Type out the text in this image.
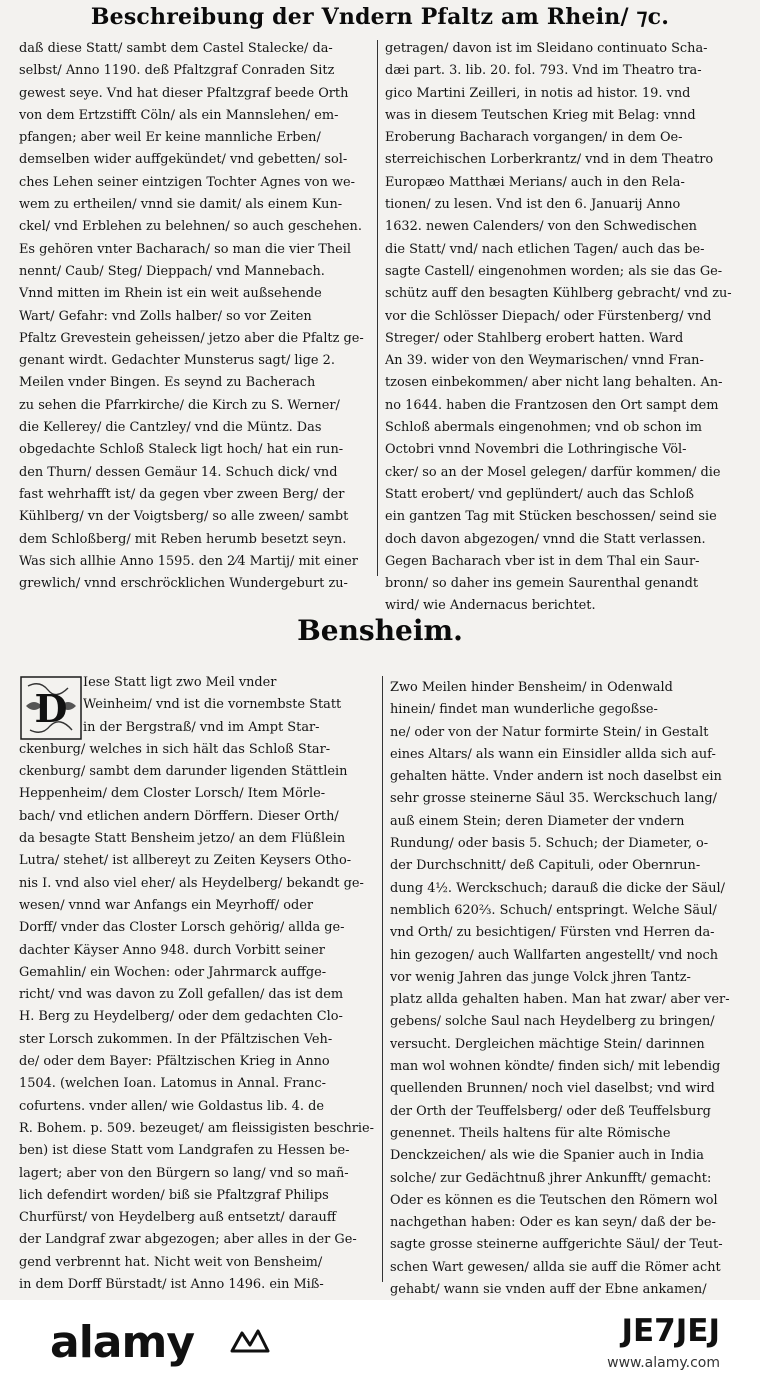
Beschreibung der Vndern Pfaltz am Rhein/ ⁊c.
daß diese Statt/ sambt dem Castel Stalecke/ da-
selbst/ Anno 1190. deß Pfaltzgraf Conraden Sitz
gewest seye. Vnd hat dieser Pfaltzgraf beede Orth
von dem Ertzstifft Cöln/ als ein Mannslehen/ em-
pfangen; aber weil Er keine mannliche Erben/
demselben wider auffgekündet/ vnd gebetten/ sol-
ches Lehen seiner eintzigen Tochter Agnes von we-
wem zu ertheilen/ vnnd sie damit/ als einem Kun-
ckel/ vnd Erblehen zu belehnen/ so auch geschehen.
Es gehören vnter Bacharach/ so man die vier Theil
nennt/ Caub/ Steg/ Dieppach/ vnd Mannebach.
Vnnd mitten im Rhein ist ein weit außsehende
Wart/ Gefahr: vnd Zolls halber/ so vor Zeiten
Pfaltz Grevestein geheissen/ jetzo aber die Pfaltz ge-
genant wirdt. Gedachter Munsterus sagt/ lige 2.
Meilen vnder Bingen. Es seynd zu Bacherach
zu sehen die Pfarrkirche/ die Kirch zu S. Werner/
die Kellerey/ die Cantzley/ vnd die Müntz. Das
obgedachte Schloß Staleck ligt hoch/ hat ein run-
den Thurn/ dessen Gemäur 14. Schuch dick/ vnd
fast wehrhafft ist/ da gegen vber zween Berg/ der
Kühlberg/ vn der Voigtsberg/ so alle zween/ sambt
dem Schloßberg/ mit Reben herumb besetzt seyn.
Was sich allhie Anno 1595. den 2⁄4 Martij/ mit einer
grewlich/ vnnd erschröcklichen Wundergeburt zu-
getragen/ davon ist im Sleidano continuato Scha-
dæi part. 3. lib. 20. fol. 793. Vnd im Theatro tra-
gico Martini Zeilleri, in notis ad histor. 19. vnd
was in diesem Teutschen Krieg mit Belag: vnnd
Eroberung Bacharach vorgangen/ in dem Oe-
sterreichischen Lorberkrantz/ vnd in dem Theatro
Europæo Matthæi Merians/ auch in den Rela-
tionen/ zu lesen. Vnd ist den 6. Januarij Anno
1632. newen Calenders/ von den Schwedischen
die Statt/ vnd/ nach etlichen Tagen/ auch das be-
sagte Castell/ eingenohmen worden; als sie das Ge-
schütz auff den besagten Kühlberg gebracht/ vnd zu-
vor die Schlösser Diepach/ oder Fürstenberg/ vnd
Streger/ oder Stahlberg erobert hatten. Ward
An 39. wider von den Weymarischen/ vnnd Fran-
tzosen einbekommen/ aber nicht lang behalten. An-
no 1644. haben die Frantzosen den Ort sampt dem
Schloß abermals eingenohmen; vnd ob schon im
Octobri vnnd Novembri die Lothringische Völ-
cker/ so an der Mosel gelegen/ darfür kommen/ die
Statt erobert/ vnd geplündert/ auch das Schloß
ein gantzen Tag mit Stücken beschossen/ seind sie
doch davon abgezogen/ vnnd die Statt verlassen.
Gegen Bacharach vber ist in dem Thal ein Saur-
bronn/ so daher ins gemein Saurenthal genandt
wird/ wie Andernacus berichtet.
Bensheim.
D
Iese Statt ligt zwo Meil vnder
Weinheim/ vnd ist die vornembste Statt
in der Bergstraß/ vnd im Ampt Star-
ckenburg/ welches in sich hält das Schloß Star-
ckenburg/ sambt dem darunder ligenden Stättlein
Heppenheim/ dem Closter Lorsch/ Item Mörle-
bach/ vnd etlichen andern Dörffern. Dieser Orth/
da besagte Statt Bensheim jetzo/ an dem Flüßlein
Lutra/ stehet/ ist allbereyt zu Zeiten Keysers Otho-
nis I. vnd also viel eher/ als Heydelberg/ bekandt ge-
wesen/ vnnd war Anfangs ein Meyrhoff/ oder
Dorff/ vnder das Closter Lorsch gehörig/ allda ge-
dachter Käyser Anno 948. durch Vorbitt seiner
Gemahlin/ ein Wochen: oder Jahrmarck auffge-
richt/ vnd was davon zu Zoll gefallen/ das ist dem
H. Berg zu Heydelberg/ oder dem gedachten Clo-
ster Lorsch zukommen. In der Pfältzischen Veh-
de/ oder dem Bayer: Pfältzischen Krieg in Anno
1504. (welchen Ioan. Latomus in Annal. Franc-
cofurtens. vnder allen/ wie Goldastus lib. 4. de
R. Bohem. p. 509. bezeuget/ am fleissigisten beschrie-
ben) ist diese Statt vom Landgrafen zu Hessen be-
lagert; aber von den Bürgern so lang/ vnd so mañ-
lich defendirt worden/ biß sie Pfaltzgraf Philips
Churfürst/ von Heydelberg auß entsetzt/ darauff
der Landgraf zwar abgezogen; aber alles in der Ge-
gend verbrennt hat. Nicht weit von Bensheim/
in dem Dorff Bürstadt/ ist Anno 1496. ein Miß-
Zwo Meilen hinder Bensheim/ in Odenwald
hinein/ findet man wunderliche gegoßse-
ne/ oder von der Natur formirte Stein/ in Gestalt
eines Altars/ als wann ein Einsidler allda sich auf-
gehalten hätte. Vnder andern ist noch daselbst ein
sehr grosse steinerne Säul 35. Werckschuch lang/
auß einem Stein; deren Diameter der vndern
Rundung/ oder basis 5. Schuch; der Diameter, o-
der Durchschnitt/ deß Capituli, oder Obernrun-
dung 4½. Werckschuch; darauß die dicke der Säul/
nemblich 620⅔. Schuch/ entspringt. Welche Säul/
vnd Orth/ zu besichtigen/ Fürsten vnd Herren da-
hin gezogen/ auch Wallfarten angestellt/ vnd noch
vor wenig Jahren das junge Volck jhren Tantz-
platz allda gehalten haben. Man hat zwar/ aber ver-
gebens/ solche Saul nach Heydelberg zu bringen/
versucht. Dergleichen mächtige Stein/ darinnen
man wol wohnen köndte/ finden sich/ mit lebendig
quellenden Brunnen/ noch viel daselbst; vnd wird
der Orth der Teuffelsberg/ oder deß Teuffelsburg
genennet. Theils haltens für alte Römische
Denckzeichen/ als wie die Spanier auch in India
solche/ zur Gedächtnuß jhrer Ankunfft/ gemacht:
Oder es können es die Teutschen den Römern wol
nachgethan haben: Oder es kan seyn/ daß der be-
sagte grosse steinerne auffgerichte Säul/ der Teut-
schen Wart gewesen/ allda sie auff die Römer acht
gehabt/ wann sie vnden auff der Ebne ankamen/
alamy	JE7JEJ
www.alamy.com
